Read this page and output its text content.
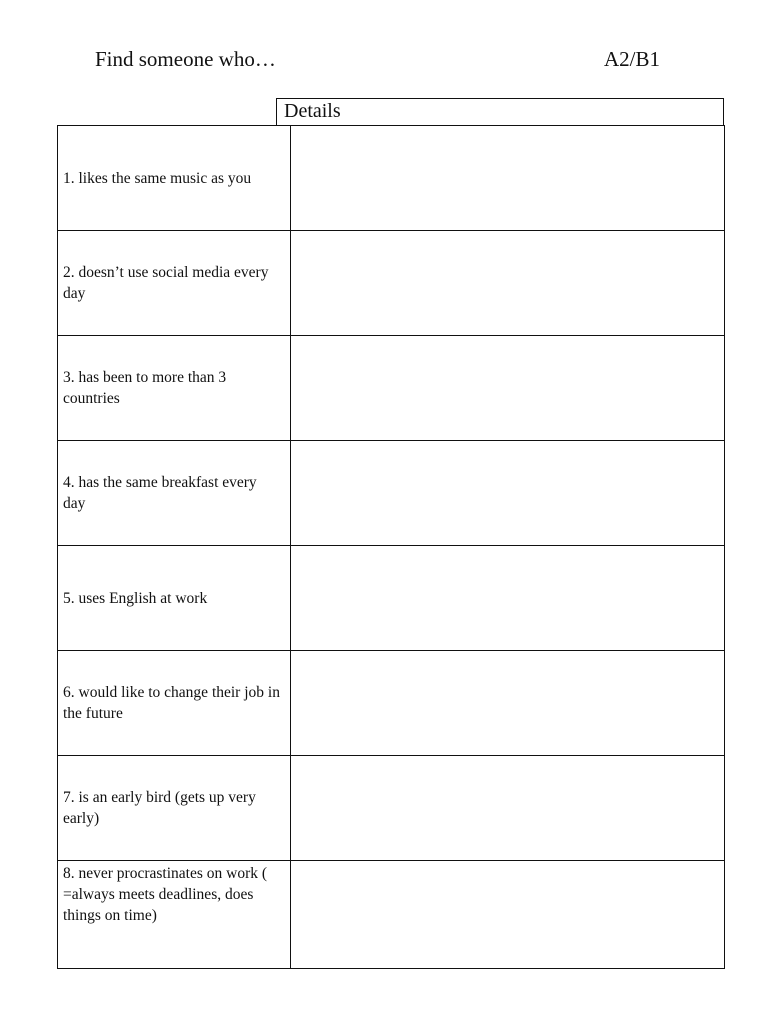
Find someone who…	A2/B1
Details
1. likes the same music as you	
2. doesn’t use social media every day	
3. has been to more than 3 countries	
4. has the same breakfast every day	
5. uses English at work	
6. would like to change their job in the future	
7. is an early bird (gets up very early)	
8. never procrastinates on work ( =always meets deadlines, does things on time)	
